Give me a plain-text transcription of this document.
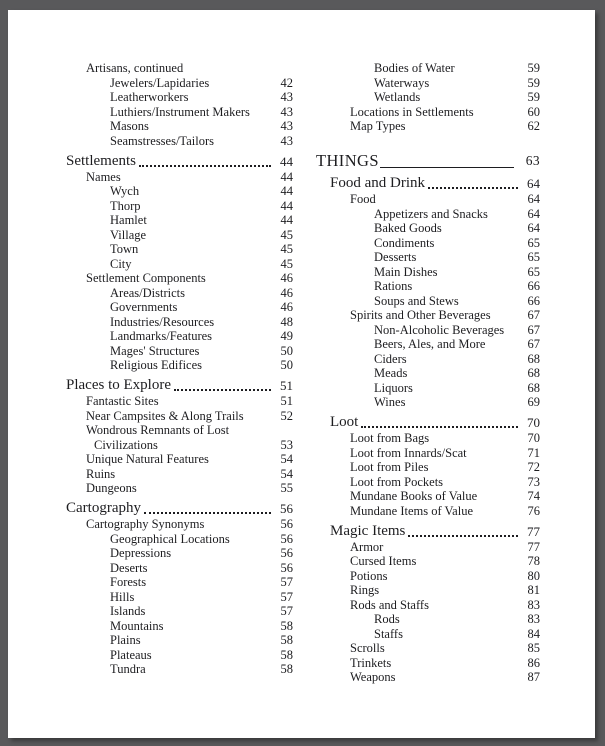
Artisans, continued
Jewelers/Lapidaries	42
Leatherworkers	43
Luthiers/Instrument Makers	43
Masons	43
Seamstresses/Tailors	43
Settlements	44
Names	44
Wych	44
Thorp	44
Hamlet	44
Village	45
Town	45
City	45
Settlement Components	46
Areas/Districts	46
Governments	46
Industries/Resources	48
Landmarks/Features	49
Mages' Structures	50
Religious Edifices	50
Places to Explore	51
Fantastic Sites	51
Near Campsites & Along Trails	52
Wondrous Remnants of Lost
Civilizations	53
Unique Natural Features	54
Ruins	54
Dungeons	55
Cartography	56
Cartography Synonyms	56
Geographical Locations	56
Depressions	56
Deserts	56
Forests	57
Hills	57
Islands	57
Mountains	58
Plains	58
Plateaus	58
Tundra	58
Bodies of Water	59
Waterways	59
Wetlands	59
Locations in Settlements	60
Map Types	62
THINGS	63
Food and Drink	64
Food	64
Appetizers and Snacks	64
Baked Goods	64
Condiments	65
Desserts	65
Main Dishes	65
Rations	66
Soups and Stews	66
Spirits and Other Beverages	67
Non-Alcoholic Beverages	67
Beers, Ales, and More	67
Ciders	68
Meads	68
Liquors	68
Wines	69
Loot	70
Loot from Bags	70
Loot from Innards/Scat	71
Loot from Piles	72
Loot from Pockets	73
Mundane Books of Value	74
Mundane Items of Value	76
Magic Items	77
Armor	77
Cursed Items	78
Potions	80
Rings	81
Rods and Staffs	83
Rods	83
Staffs	84
Scrolls	85
Trinkets	86
Weapons	87
